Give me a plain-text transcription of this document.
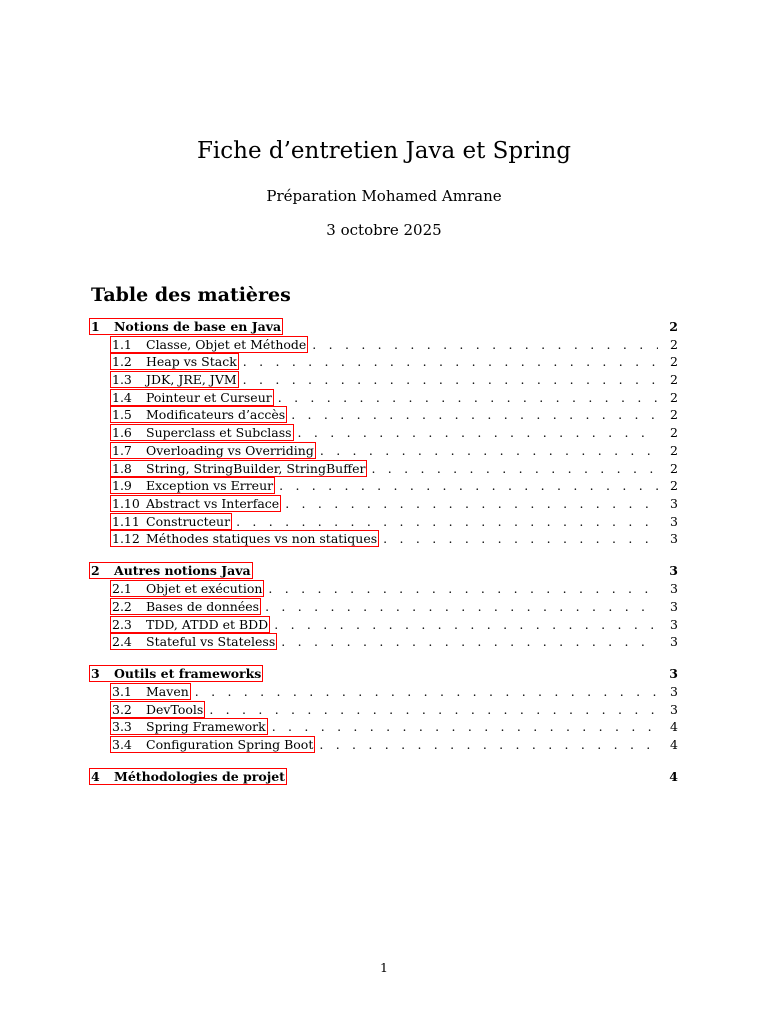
Fiche d’entretien Java et Spring
Préparation Mohamed Amrane
3 octobre 2025
Table des matières
1	Notions de base en Java	2
1.1	Classe, Objet et Méthode . . .	2
1.2	Heap vs Stack . . .	2
1.3	JDK, JRE, JVM . . .	2
1.4	Pointeur et Curseur . . .	2
1.5	Modificateurs d’accès . . .	2
1.6	Superclass et Subclass . . .	2
1.7	Overloading vs Overriding . . .	2
1.8	String, StringBuilder, StringBuffer . . .	2
1.9	Exception vs Erreur . . .	2
1.10 Abstract vs Interface . . .	3
1.11 Constructeur . . .	3
1.12 Méthodes statiques vs non statiques . . .	3
2	Autres notions Java	3
2.1	Objet et exécution . . .	3
2.2	Bases de données . . .	3
2.3	TDD, ATDD et BDD . . .	3
2.4	Stateful vs Stateless . . .	3
3	Outils et frameworks	3
3.1	Maven . . .	3
3.2	DevTools . . .	3
3.3	Spring Framework . . .	4
3.4	Configuration Spring Boot . . .	4
4	Méthodologies de projet	4
1
